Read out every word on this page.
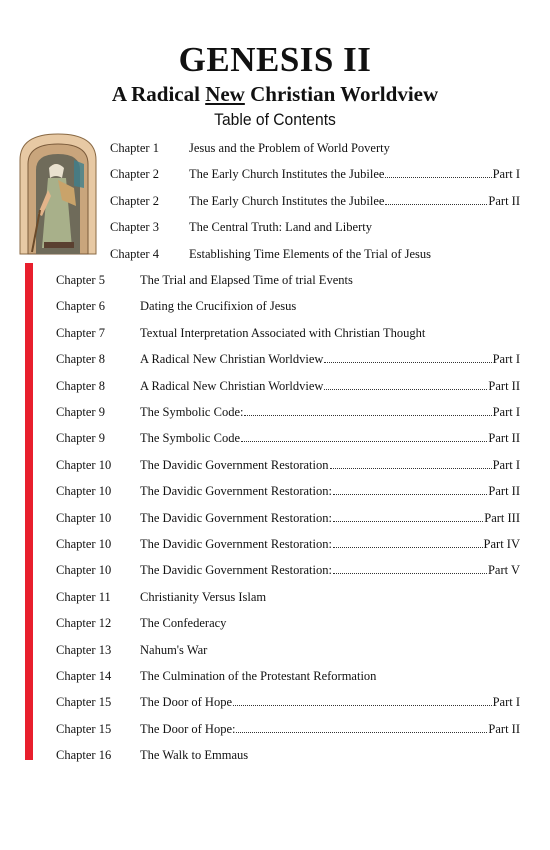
GENESIS II
A Radical New Christian Worldview
Table of Contents
Chapter 1 Jesus and the Problem of World Poverty
Chapter 2 The Early Church Institutes the Jubilee	Part I
Chapter 2 The Early Church Institutes the Jubilee	Part II
Chapter 3 The Central Truth: Land and Liberty
Chapter 4 Establishing Time Elements of the Trial of Jesus
Chapter 5	The Trial and Elapsed Time of trial Events
Chapter 6	Dating the Crucifixion of Jesus
Chapter 7	Textual Interpretation Associated with Christian Thought
Chapter 8	A Radical New Christian Worldview	Part I
Chapter 8	A Radical New Christian Worldview	Part II
Chapter 9	The Symbolic Code:	Part I
Chapter 9	The Symbolic Code	Part II
Chapter 10 The Davidic Government Restoration	Part I
Chapter 10 The Davidic Government Restoration:	Part II
Chapter 10 The Davidic Government Restoration:	Part III
Chapter 10 The Davidic Government Restoration:	Part IV
Chapter 10 The Davidic Government Restoration:	Part V
Chapter 11 Christianity Versus Islam
Chapter 12 The Confederacy
Chapter 13 Nahum's War
Chapter 14 The Culmination of the Protestant Reformation
Chapter 15 The Door of Hope	Part I
Chapter 15 The Door of Hope:	Part II
Chapter 16 The Walk to Emmaus
